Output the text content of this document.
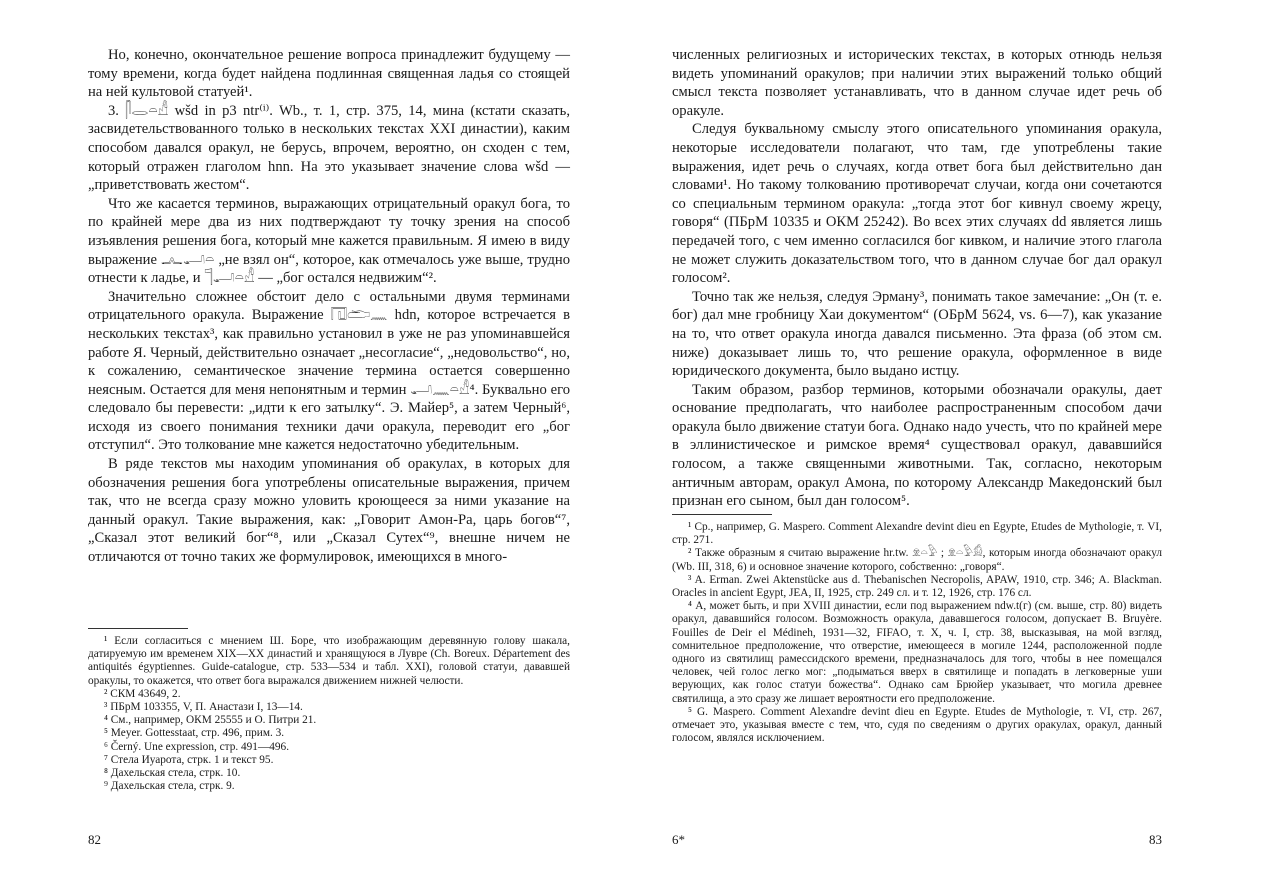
Но, конечно, окончательное решение вопроса принадлежит будущему — тому времени, когда будет найдена подлинная священная ладья со стоящей на ней культовой статуей¹.

3. 𓋴𓂋𓏏𓀭 wšd in p3 ntr⁽ⁱ⁾. Wb., т. 1, стр. 375, 14, мина (кстати сказать, засвидетельствованного только в нескольких текстах XXI династии), каким способом давался оракул, не берусь, впрочем, вероятно, он сходен с тем, который отражен глаголом hnn. На это указывает значение слова wšd — „приветствовать жестом“.

Что же касается терминов, выражающих отрицательный оракул бога, то по крайней мере два из них подтверждают ту точку зрения на способ изъявления решения бога, который мне кажется правильным. Я имею в виду выражение 𓂜𓂝𓏏 „не взял он“, которое, как отмечалось уже выше, трудно отнести к ладье, и 𓊹𓂝𓏏𓀭 — „бог остался недвижим“².

Значительно сложнее обстоит дело с остальными двумя терминами отрицательного оракула. Выражение 𓉔𓂧𓈖 hdn, которое встречается в нескольких текстах³, как правильно установил в уже не раз упоминавшейся работе Я. Черный, действительно означает „несогласие“, „недовольство“, но, к сожалению, семантическое значение термина остается совершенно неясным. Остается для меня непонятным и термин 𓂝𓈖𓏏𓀭⁴. Буквально его следовало бы перевести: „идти к его затылку“. Э. Майер⁵, а затем Черный⁶, исходя из своего понимания техники дачи оракула, переводит его „бог отступил“. Это толкование мне кажется недостаточно убедительным.

В ряде текстов мы находим упоминания об оракулах, в которых для обозначения решения бога употреблены описательные выражения, причем так, что не всегда сразу можно уловить кроющееся за ними указание на данный оракул. Такие выражения, как: „Говорит Амон-Ра, царь богов“⁷, „Сказал этот великий бог“⁸, или „Сказал Сутех“⁹, внешне ничем не отличаются от точно таких же формулировок, имеющихся в много-

¹ Если согласиться с мнением Ш. Боре, что изображающим деревянную голову шакала, датируемую им временем XIX—XX династий и хранящуюся в Лувре (Ch. Boreux. Département des antiquités égyptiennes. Guide-catalogue, стр. 533—534 и табл. XXI), головой статуи, дававшей оракулы, то окажется, что ответ бога выражался движением нижней челюсти.

² СКМ 43649, 2.

³ ПБрМ 103355, V, П. Анастази I, 13—14.

⁴ См., например, ОКМ 25555 и О. Питри 21.

⁵ Meyer. Gottesstaat, стр. 496, прим. 3.

⁶ Černý. Une expression, стр. 491—496.

⁷ Стела Иуарота, стрк. 1 и текст 95.

⁸ Дахельская стела, стрк. 10.

⁹ Дахельская стела, стрк. 9.

82

численных религиозных и исторических текстах, в которых отнюдь нельзя видеть упоминаний оракулов; при наличии этих выражений только общий смысл текста позволяет устанавливать, что в данном случае идет речь об оракуле.

Следуя буквальному смыслу этого описательного упоминания оракула, некоторые исследователи полагают, что там, где употреблены такие выражения, идет речь о случаях, когда ответ бога был действительно дан словами¹. Но такому толкованию противоречат случаи, когда они сочетаются со специальным термином оракула: „тогда этот бог кивнул своему жрецу, говоря“ (ПБрМ 10335 и ОКМ 25242). Во всех этих случаях dd является лишь передачей того, с чем именно согласился бог кивком, и наличие этого глагола не может служить доказательством того, что в данном случае бог дал оракул голосом².

Точно так же нельзя, следуя Эрману³, понимать такое замечание: „Он (т. е. бог) дал мне гробницу Хаи документом“ (ОБрМ 5624, vs. 6—7), как указание на то, что ответ оракула иногда давался письменно. Эта фраза (об этом см. ниже) доказывает лишь то, что решение оракула, оформленное в виде юридического документа, было выдано истцу.

Таким образом, разбор терминов, которыми обозначали оракулы, дает основание предполагать, что наиболее распространенным способом дачи оракула было движение статуи бога. Однако надо учесть, что по крайней мере в эллинистическое и римское время⁴ существовал оракул, дававшийся голосом, а также священными животными. Так, согласно, некоторым античным авторам, оракул Амона, по которому Александр Македонский был признан его сыном, был дан голосом⁵.

¹ Ср., например, G. Maspero. Comment Alexandre devint dieu en Egypte, Etudes de Mythologie, т. VI, стр. 271.

² Также образным я считаю выражение hr.tw. 𓁷𓏏𓅱 ; 𓁷𓏏𓅱𓀁, которым иногда обозначают оракул (Wb. III, 318, 6) и основное значение которого, собственно: „говоря“.

³ A. Erman. Zwei Aktenstücke aus d. Thebanischen Necropolis, APAW, 1910, стр. 346; A. Blackman. Oracles in ancient Egypt, JEA, II, 1925, стр. 249 сл. и т. 12, 1926, стр. 176 сл.

⁴ А, может быть, и при XVIII династии, если под выражением ndw.t(г) (см. выше, стр. 80) видеть оракул, дававшийся голосом. Возможность оракула, дававшегося голосом, допускает B. Bruyère. Fouilles de Deir el Médineh, 1931—32, FIFAO, т. X, ч. I, стр. 38, высказывая, на мой взгляд, сомнительное предположение, что отверстие, имеющееся в могиле 1244, расположенной подле одного из святилищ рамессидского времени, предназначалось для того, чтобы в нее помещался человек, чей голос легко мог: „подыматься вверх в святилище и попадать в легковерные уши верующих, как голос статуи божества“. Однако сам Брюйер указывает, что могила древнее святилища, а это сразу же лишает вероятности его предположение.

⁵ G. Maspero. Comment Alexandre devint dieu en Egypte. Etudes de Mythologie, т. VI, стр. 267, отмечает это, указывая вместе с тем, что, судя по сведениям о других оракулах, оракул, данный голосом, являлся исключением.

6*	83
